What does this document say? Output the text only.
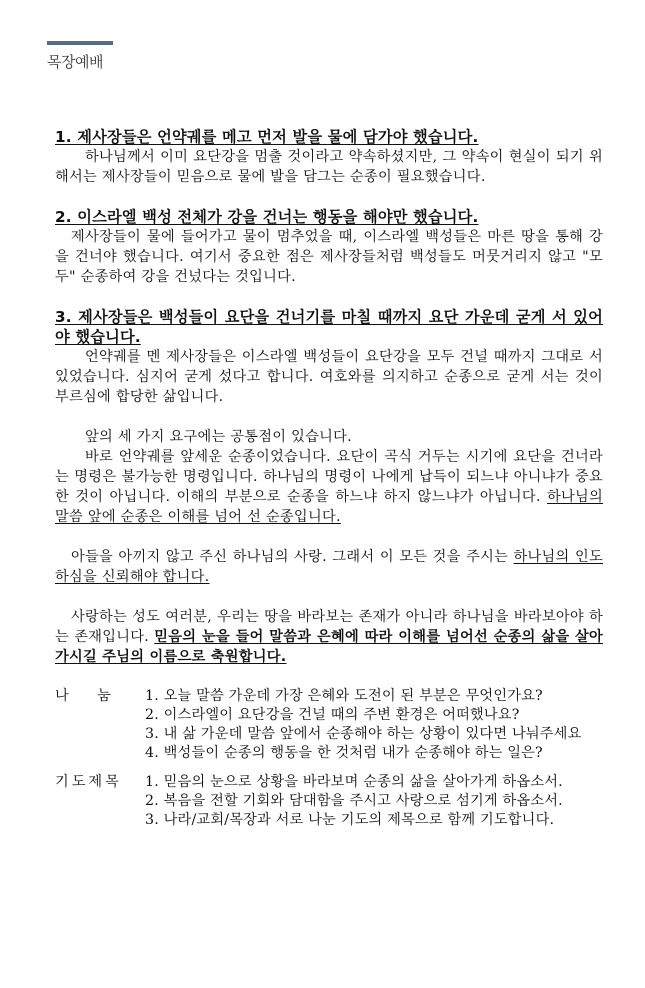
목장예배

1. 제사장들은 언약궤를 메고 먼저 발을 물에 담가야 했습니다.

하나님께서 이미 요단강을 멈출 것이라고 약속하셨지만, 그 약속이 현실이 되기 위해서는 제사장들이 믿음으로 물에 발을 담그는 순종이 필요했습니다.

2. 이스라엘 백성 전체가 강을 건너는 행동을 해야만 했습니다.

제사장들이 물에 들어가고 물이 멈추었을 때, 이스라엘 백성들은 마른 땅을 통해 강을 건너야 했습니다. 여기서 중요한 점은 제사장들처럼 백성들도 머뭇거리지 않고 "모두" 순종하여 강을 건넜다는 것입니다.

3. 제사장들은 백성들이 요단을 건너기를 마칠 때까지 요단 가운데 굳게 서 있어야 했습니다.

언약궤를 멘 제사장들은 이스라엘 백성들이 요단강을 모두 건널 때까지 그대로 서 있었습니다. 심지어 굳게 섰다고 합니다. 여호와를 의지하고 순종으로 굳게 서는 것이 부르심에 합당한 삶입니다.

앞의 세 가지 요구에는 공통점이 있습니다.

바로 언약궤를 앞세운 순종이었습니다. 요단이 곡식 거두는 시기에 요단을 건너라는 명령은 불가능한 명령입니다. 하나님의 명령이 나에게 납득이 되느냐 아니냐가 중요한 것이 아닙니다. 이해의 부분으로 순종을 하느냐 하지 않느냐가 아닙니다. 하나님의 말씀 앞에 순종은 이해를 넘어 선 순종입니다.

아들을 아끼지 않고 주신 하나님의 사랑. 그래서 이 모든 것을 주시는 하나님의 인도하심을 신뢰해야 합니다.

사랑하는 성도 여러분, 우리는 땅을 바라보는 존재가 아니라 하나님을 바라보아야 하는 존재입니다. 믿음의 눈을 들어 말씀과 은혜에 따라 이해를 넘어선 순종의 삶을 살아가시길 주님의 이름으로 축원합니다.

나      눔	1. 오늘 말씀 가운데 가장 은혜와 도전이 된 부분은 무엇인가요?
2. 이스라엘이 요단강을 건널 때의 주변 환경은 어떠했나요?
3. 내 삶 가운데 말씀 앞에서 순종해야 하는 상황이 있다면 나눠주세요
4. 백성들이 순종의 행동을 한 것처럼 내가 순종해야 하는 일은?
기도제목	1. 믿음의 눈으로 상황을 바라보며 순종의 삶을 살아가게 하옵소서.
2. 복음을 전할 기회와 담대함을 주시고 사랑으로 섬기게 하옵소서.
3. 나라/교회/목장과 서로 나눈 기도의 제목으로 함께 기도합니다.
